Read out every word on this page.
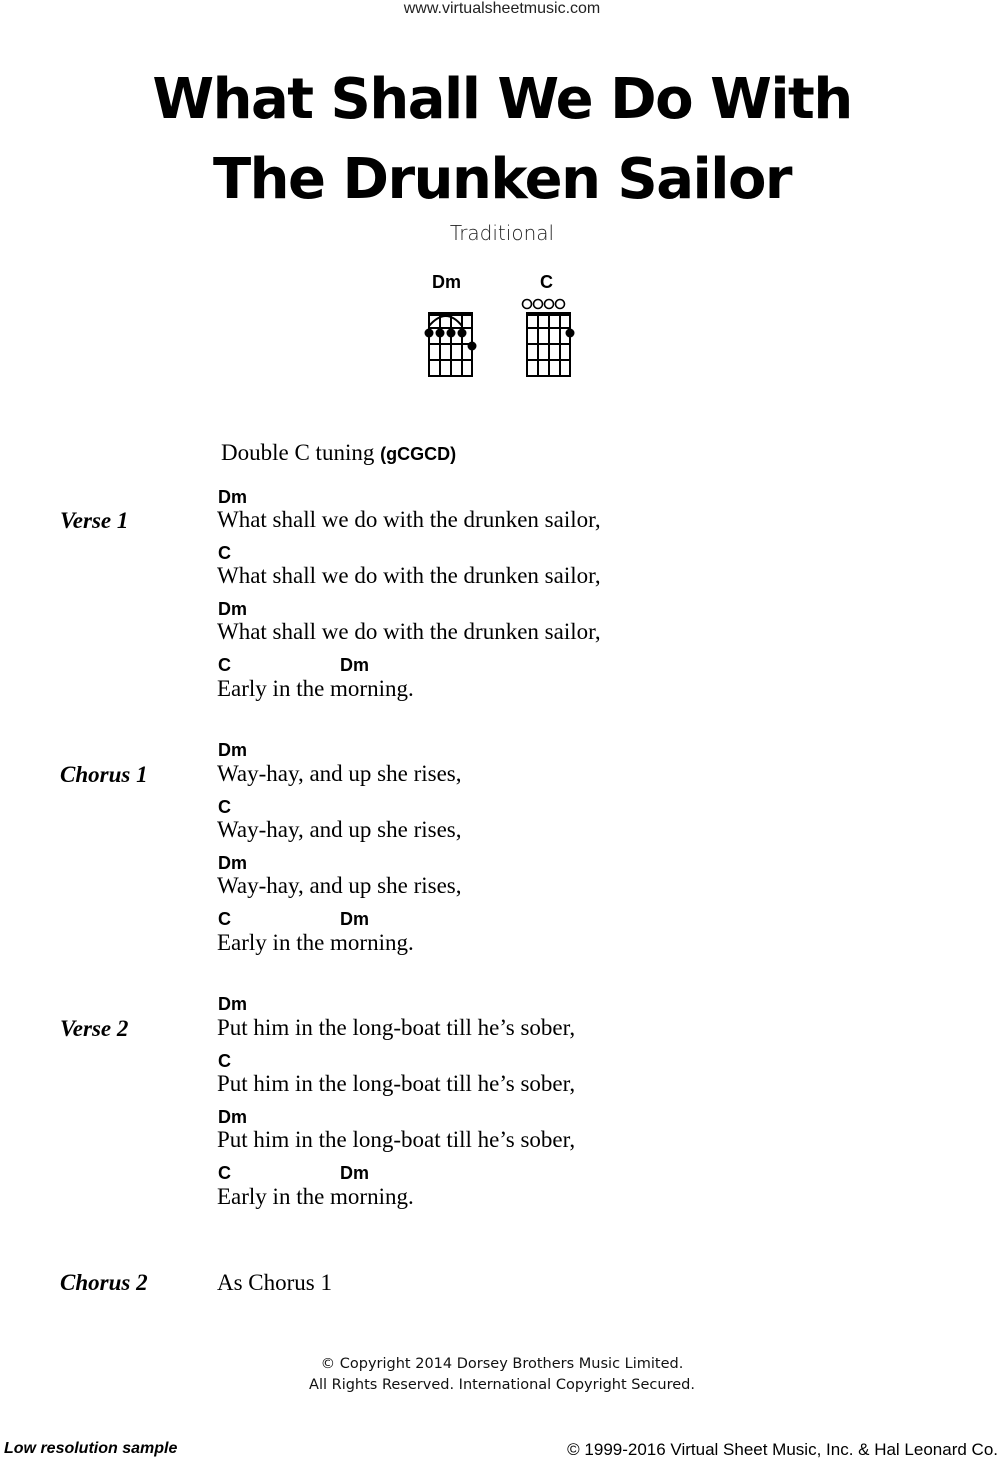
www.virtualsheetmusic.com
What Shall We Do With
The Drunken Sailor
Traditional
Dm	C
Double C tuning (gCGCD)
Verse 1
Dm
What shall we do with the drunken sailor,
C
What shall we do with the drunken sailor,
Dm
What shall we do with the drunken sailor,
C	Dm
Early in the morning.
Chorus 1
Dm
Way-hay, and up she rises,
C
Way-hay, and up she rises,
Dm
Way-hay, and up she rises,
C	Dm
Early in the morning.
Verse 2
Dm
Put him in the long-boat till he’s sober,
C
Put him in the long-boat till he’s sober,
Dm
Put him in the long-boat till he’s sober,
C	Dm
Early in the morning.
Chorus 2	As Chorus 1
© Copyright 2014 Dorsey Brothers Music Limited.
All Rights Reserved. International Copyright Secured.
Low resolution sample	© 1999-2016 Virtual Sheet Music, Inc. & Hal Leonard Co.
